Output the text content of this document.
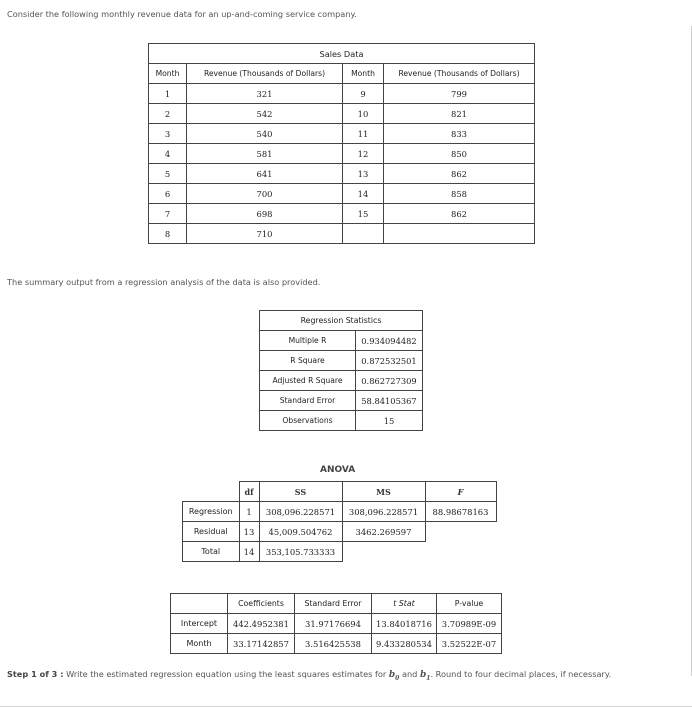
Consider the following monthly revenue data for an up-and-coming service company.
Sales Data			
Month	Revenue (Thousands of Dollars)	Month	Revenue (Thousands of Dollars)
1	321	9	799
2	542	10	821
3	540	11	833
4	581	12	850
5	641	13	862
6	700	14	858
7	698	15	862
8	710		
The summary output from a regression analysis of the data is also provided.
Regression Statistics	
Multiple R	0.934094482
R Square	0.872532501
Adjusted R Square	0.862727309
Standard Error	58.84105367
Observations	15
ANOVA
	df	SS	MS	F
Regression	1	308,096.228571	308,096.228571	88.98678163
Residual	13	45,009.504762	3462.269597	
Total	14	353,105.733333		
	Coefficients	Standard Error	t Stat	P-value
Intercept	442.4952381	31.97176694	13.84018716	3.70989E-09
Month	33.17142857	3.516425538	9.433280534	3.52522E-07
Step 1 of 3 : Write the estimated regression equation using the least squares estimates for $b_0$ and $b_1$. Round to four decimal places, if necessary.
